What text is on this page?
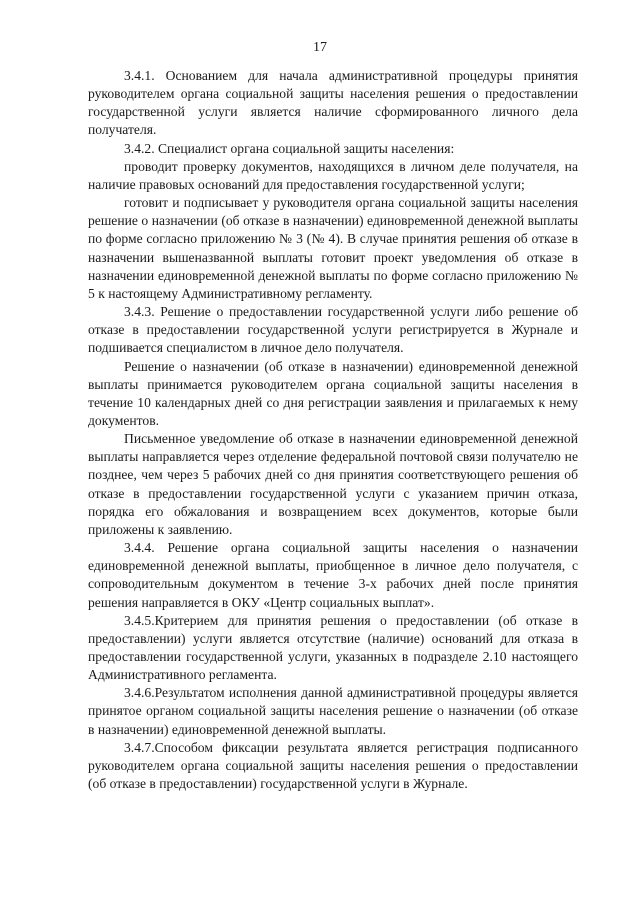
17

3.4.1. Основанием для начала административной процедуры принятия руководителем органа социальной защиты населения решения о предоставлении государственной услуги является наличие сформированного личного дела получателя.

3.4.2. Специалист органа социальной защиты населения:

проводит проверку документов, находящихся в личном деле получателя, на наличие правовых оснований для предоставления государственной услуги;

готовит и подписывает у руководителя органа социальной защиты населения решение о назначении (об отказе в назначении) единовременной денежной выплаты по форме согласно приложению № 3 (№ 4). В случае принятия решения об отказе в назначении вышеназванной выплаты готовит проект уведомления об отказе в назначении единовременной денежной выплаты по форме согласно приложению № 5 к настоящему Административному регламенту.

3.4.3. Решение о предоставлении государственной услуги либо решение об отказе в предоставлении государственной услуги регистрируется в Журнале и подшивается специалистом в личное дело получателя.

Решение о назначении (об отказе в назначении) единовременной денежной выплаты принимается руководителем органа социальной защиты населения в течение 10 календарных дней со дня регистрации заявления и прилагаемых к нему документов.

Письменное уведомление об отказе в назначении единовременной денежной выплаты направляется через отделение федеральной почтовой связи получателю не позднее, чем через 5 рабочих дней со дня принятия соответствующего решения об отказе в предоставлении государственной услуги с указанием причин отказа, порядка его обжалования и возвращением всех документов, которые были приложены к заявлению.

3.4.4. Решение органа социальной защиты населения о назначении единовременной денежной выплаты, приобщенное в личное дело получателя, с сопроводительным документом в течение 3-х рабочих дней после принятия решения направляется в ОКУ «Центр социальных выплат».

3.4.5.Критерием для принятия решения о предоставлении (об отказе в предоставлении) услуги является отсутствие (наличие) оснований для отказа в предоставлении государственной услуги, указанных в подразделе 2.10 настоящего Административного регламента.

3.4.6.Результатом исполнения данной административной процедуры является принятое органом социальной защиты населения решение о назначении (об отказе в назначении) единовременной денежной выплаты.

3.4.7.Способом фиксации результата является регистрация подписанного руководителем органа социальной защиты населения решения о предоставлении (об отказе в предоставлении) государственной услуги в Журнале.
